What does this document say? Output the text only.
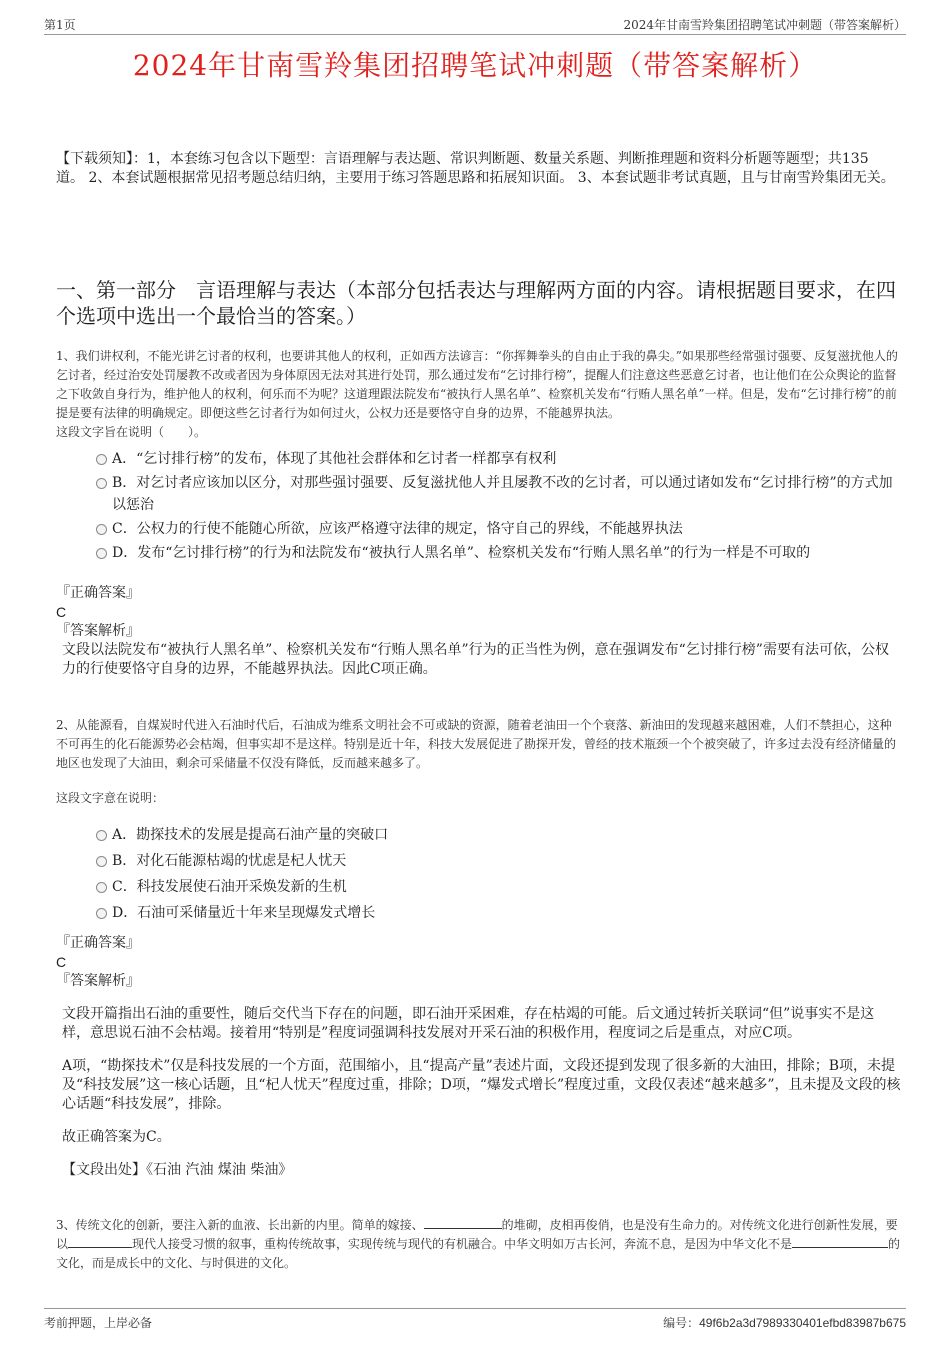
第1页	2024年甘南雪羚集团招聘笔试冲刺题（带答案解析）
2024年甘南雪羚集团招聘笔试冲刺题（带答案解析）
【下载须知】：1，本套练习包含以下题型：言语理解与表达题、常识判断题、数量关系题、判断推理题和资料分析题等题型；共135道。 2、本套试题根据常见招考题总结归纳，主要用于练习答题思路和拓展知识面。 3、本套试题非考试真题，且与甘南雪羚集团无关。
一、第一部分　言语理解与表达（本部分包括表达与理解两方面的内容。请根据题目要求，在四个选项中选出一个最恰当的答案。）

1、我们讲权利，不能光讲乞讨者的权利，也要讲其他人的权利，正如西方法谚言：“你挥舞拳头的自由止于我的鼻尖。”如果那些经常强讨强要、反复滋扰他人的乞讨者，经过治安处罚屡教不改或者因为身体原因无法对其进行处罚，那么通过发布“乞讨排行榜”，提醒人们注意这些恶意乞讨者，也让他们在公众舆论的监督之下收敛自身行为，维护他人的权利，何乐而不为呢？这道理跟法院发布“被执行人黑名单”、检察机关发布“行贿人黑名单”一样。但是，发布“乞讨排行榜”的前提是要有法律的明确规定。即便这些乞讨者行为如何过火，公权力还是要恪守自身的边界，不能越界执法。

这段文字旨在说明（　　）。

A．“乞讨排行榜”的发布，体现了其他社会群体和乞讨者一样都享有权利
B．对乞讨者应该加以区分，对那些强讨强要、反复滋扰他人并且屡教不改的乞讨者，可以通过诸如发布“乞讨排行榜”的方式加以惩治
C．公权力的行使不能随心所欲，应该严格遵守法律的规定，恪守自己的界线，不能越界执法
D．发布“乞讨排行榜”的行为和法院发布“被执行人黑名单”、检察机关发布“行贿人黑名单”的行为一样是不可取的
『正确答案』
C
『答案解析』
文段以法院发布“被执行人黑名单”、检察机关发布“行贿人黑名单”行为的正当性为例，意在强调发布“乞讨排行榜”需要有法可依，公权力的行使要恪守自身的边界，不能越界执法。因此C项正确。

2、从能源看，自煤炭时代进入石油时代后，石油成为维系文明社会不可或缺的资源，随着老油田一个个衰落、新油田的发现越来越困难，人们不禁担心，这种不可再生的化石能源势必会枯竭，但事实却不是这样。特别是近十年，科技大发展促进了勘探开发，曾经的技术瓶颈一个个被突破了，许多过去没有经济储量的地区也发现了大油田，剩余可采储量不仅没有降低，反而越来越多了。

这段文字意在说明：

A．勘探技术的发展是提高石油产量的突破口
B．对化石能源枯竭的忧虑是杞人忧天
C．科技发展使石油开采焕发新的生机
D．石油可采储量近十年来呈现爆发式增长
『正确答案』
C
『答案解析』
文段开篇指出石油的重要性，随后交代当下存在的问题，即石油开采困难，存在枯竭的可能。后文通过转折关联词“但”说事实不是这样，意思说石油不会枯竭。接着用“特别是”程度词强调科技发展对开采石油的积极作用，程度词之后是重点，对应C项。
A项，“勘探技术”仅是科技发展的一个方面，范围缩小，且“提高产量”表述片面，文段还提到发现了很多新的大油田，排除；B项，未提及“科技发展”这一核心话题，且“杞人忧天”程度过重，排除；D项，“爆发式增长”程度过重，文段仅表述“越来越多”，且未提及文段的核心话题“科技发展”，排除。
故正确答案为C。
【文段出处】《石油 汽油 煤油 柴油》

3、传统文化的创新，要注入新的血液、长出新的内里。简单的嫁接、	的堆砌，皮相再俊俏，也是没有生命力的。对传统文化进行创新性发展，要以	现代人接受习惯的叙事，重构传统故事，实现传统与现代的有机融合。中华文明如万古长河，奔流不息，是因为中华文化不是	的文化，而是成长中的文化、与时俱进的文化。

考前押题，上岸必备	编号：49f6b2a3d7989330401efbd83987b675
